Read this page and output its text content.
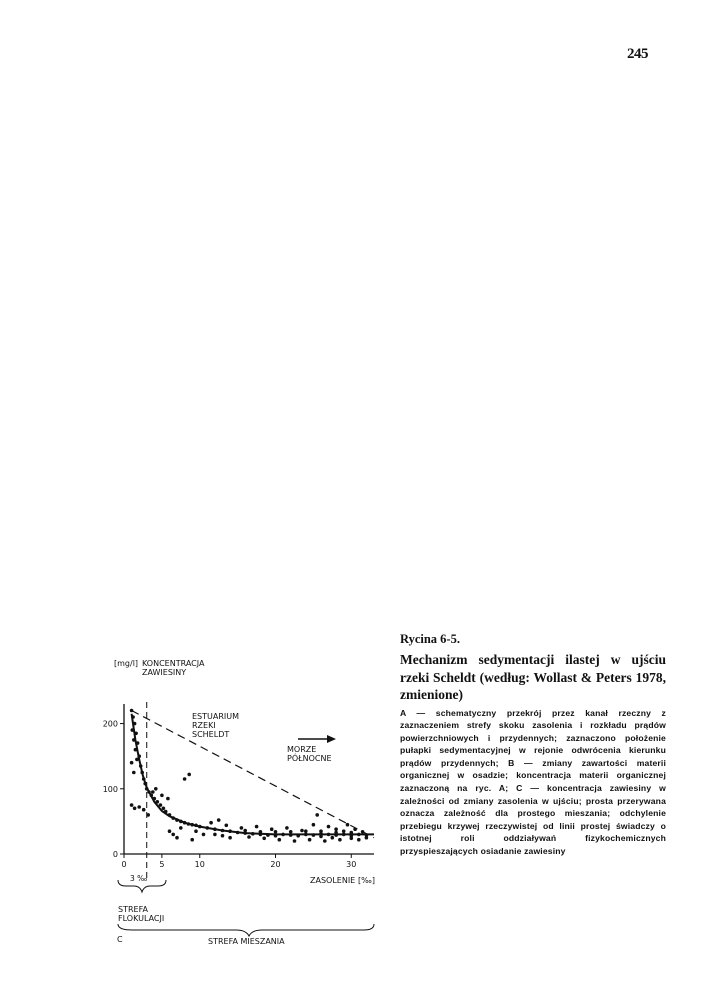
245
[mg/l] KONCENTRACJA
ZAWIESINY
0
100
200
0	5	10	20	30
ESTUARIUM
RZEKI
SCHELDT
MORZE
PÓŁNOCNE
ZASOLENIE [‰]
3 ‰
STREFA
FLOKULACJI
C	STREFA MIESZANIA

Rycina 6-5.

Mechanizm sedymentacji ilastej w ujściu rzeki Scheldt (według: Wollast & Peters 1978, zmienione)

A — schematyczny przekrój przez kanał rzeczny z zaznaczeniem strefy skoku zasolenia i rozkładu prądów powierzchniowych i przydennych; zaznaczono położenie pułapki sedymentacyjnej w rejonie odwrócenia kierunku prądów przydennych; B — zmiany zawartości materii organicznej w osadzie; koncentracja materii organicznej zaznaczoną na ryc. A; C — koncentracja zawiesiny w zależności od zmiany zasolenia w ujściu; prosta przerywana oznacza zależność dla prostego mieszania; odchylenie przebiegu krzywej rzeczywistej od linii prostej świadczy o istotnej roli oddziaływań fizykochemicznych przyspieszających osiadanie zawiesiny
